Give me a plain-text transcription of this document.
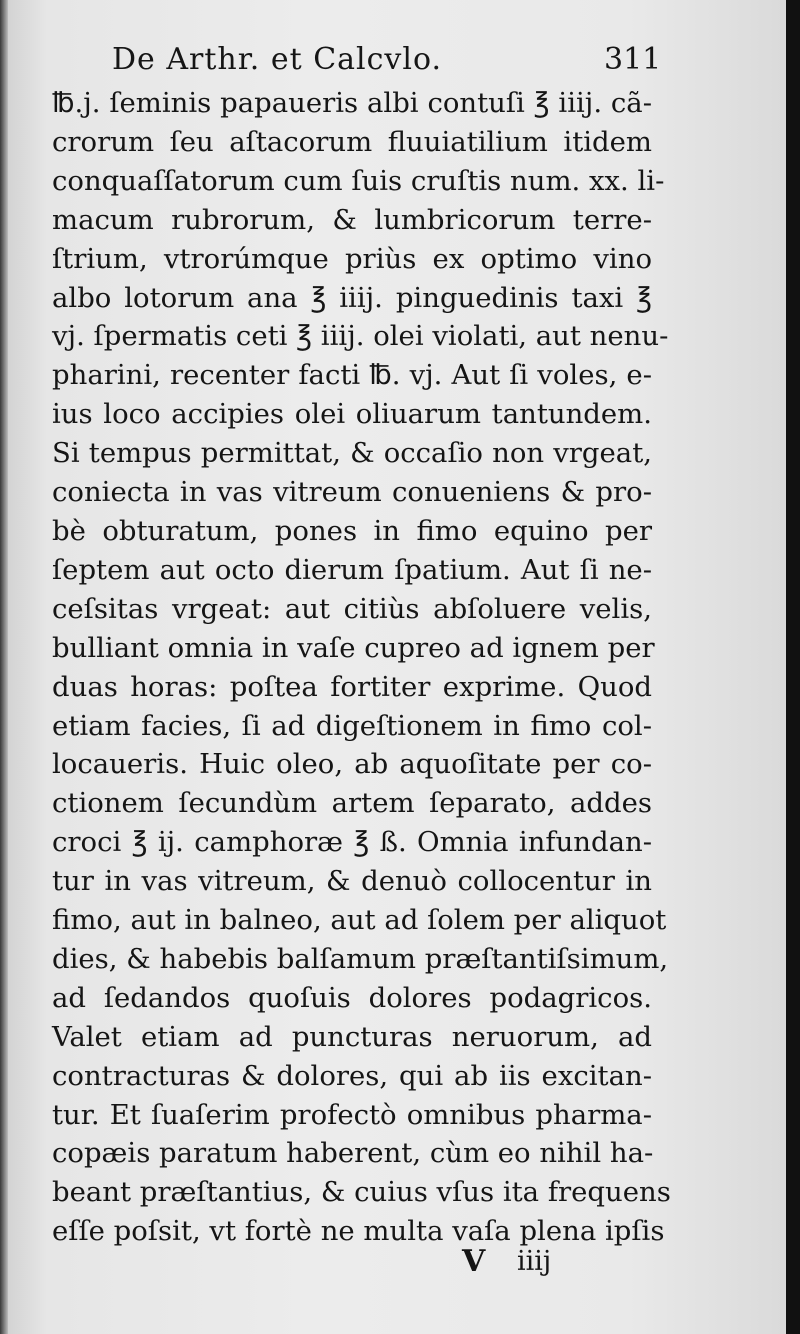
De Arthr. et Calcvlo.	311
℔.j. ſeminis papaueris albi contuſi ℥ iiij. cã-
crorum ſeu aſtacorum fluuiatilium itidem
conquaſſatorum cum ſuis cruſtis num. xx. li-
macum rubrorum, & lumbricorum terre-
ſtrium, vtrorúmque priùs ex optimo vino
albo lotorum ana ℥ iiij. pinguedinis taxi ℥
vj. ſpermatis ceti ℥ iiij. olei violati, aut nenu-
pharini, recenter facti ℔. vj. Aut ſi voles, e-
ius loco accipies olei oliuarum tantundem.
Si tempus permittat, & occaſio non vrgeat,
coniecta in vas vitreum conueniens & pro-
bè obturatum, pones in fimo equino per
ſeptem aut octo dierum ſpatium. Aut ſi ne-
ceſsitas vrgeat: aut citiùs abſoluere velis,
bulliant omnia in vaſe cupreo ad ignem per
duas horas: poſtea fortiter exprime. Quod
etiam facies, ſi ad digeſtionem in fimo col-
locaueris. Huic oleo, ab aquoſitate per co-
ctionem ſecundùm artem ſeparato, addes
croci ℥ ij. camphoræ ℥ ß. Omnia infundan-
tur in vas vitreum, & denuò collocentur in
fimo, aut in balneo, aut ad ſolem per aliquot
dies, & habebis balſamum præſtantiſsimum,
ad ſedandos quoſuis dolores podagricos.
Valet etiam ad puncturas neruorum, ad
contracturas & dolores, qui ab iis excitan-
tur. Et ſuaſerim profectò omnibus pharma-
copæis paratum haberent, cùm eo nihil ha-
beant præſtantius, & cuius vſus ita frequens
eſſe poſsit, vt fortè ne multa vaſa plena ipſis
V iiij
